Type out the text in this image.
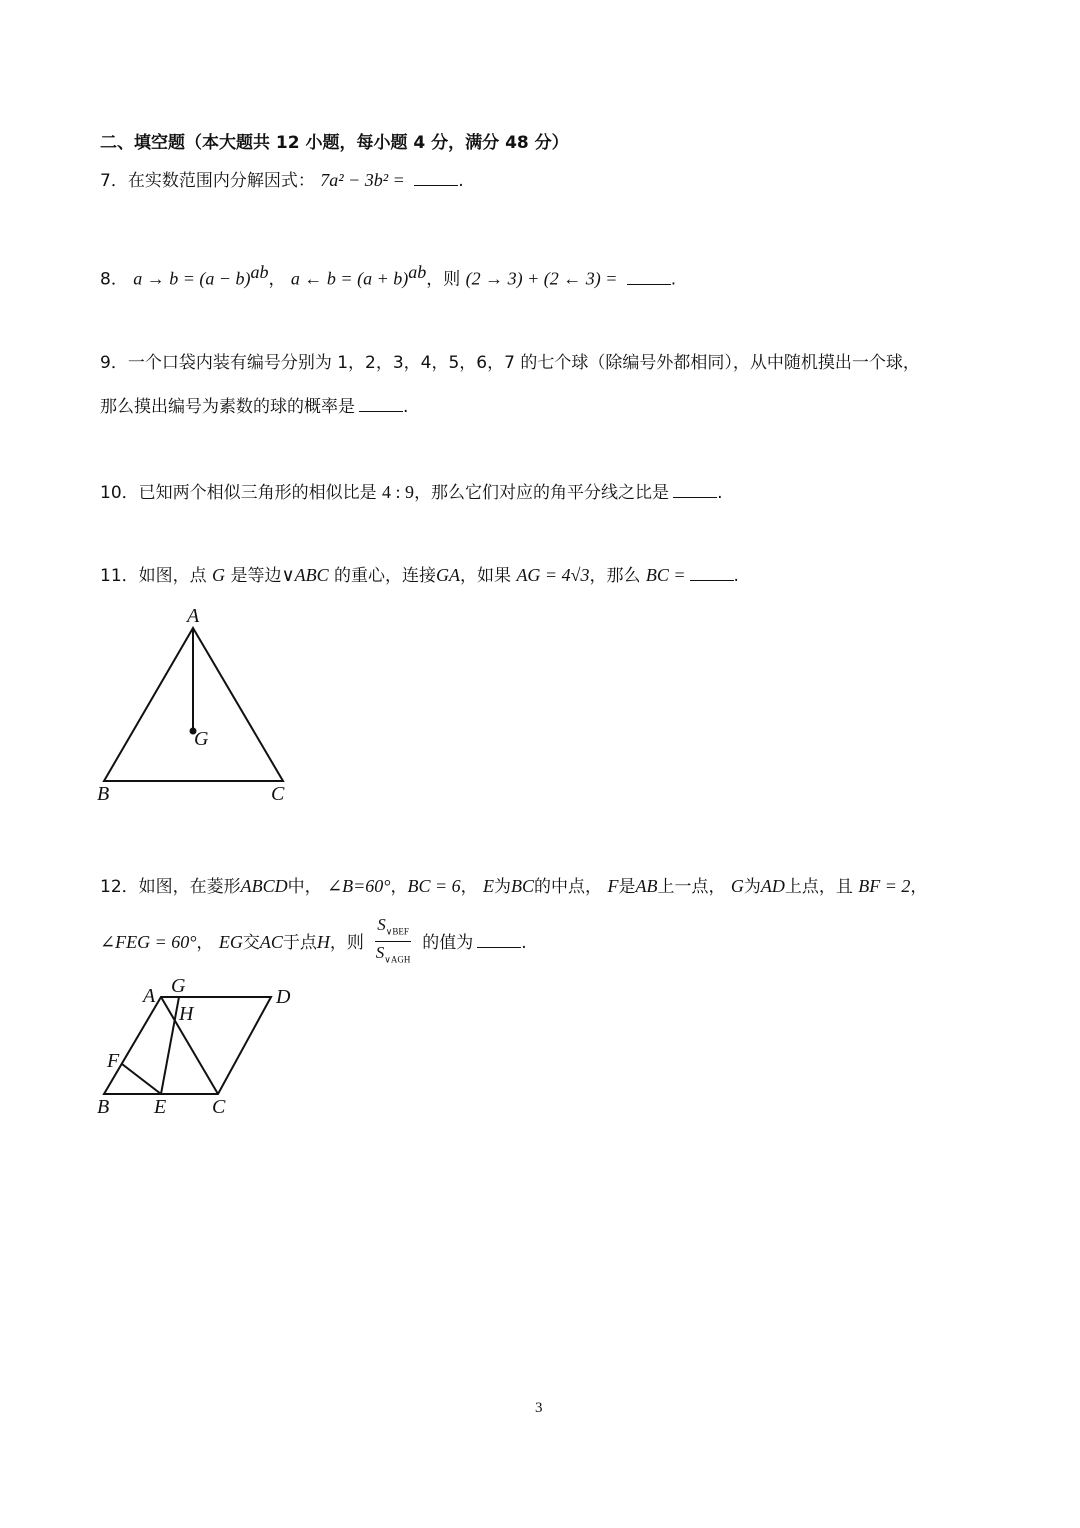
二、填空题（本大题共 12 小题，每小题 4 分，满分 48 分）
7．在实数范围内分解因式： 7a² − 3b² =	.
8． $a \to b = (a - b)^{ab}$， a ← $b = (a + b)^{ab}$，则 (2 → 3) + (2 ← 3) =	.
9．一个口袋内装有编号分别为 1，2，3，4，5，6，7 的七个球（除编号外都相同），从中随机摸出一个球，
那么摸出编号为素数的球的概率是	.
10．已知两个相似三角形的相似比是 4 : 9，那么它们对应的角平分线之比是	.
11．如图，点 G 是等边∨ABC 的重心，连接GA，如果 AG = 4√3，那么 BC =	.
A
G
B	C
12．如图，在菱形ABCD中， ∠B=60°，BC = 6， E为BC的中点， F是AB上一点， G为AD上点，且 BF = 2，
∠FEG = 60°， EG交AC于点H，则 $\frac{S_{\vee BEF}}{S_{\vee AGH}}$ 的值为	.
A G	D
H
F
B E C
3
